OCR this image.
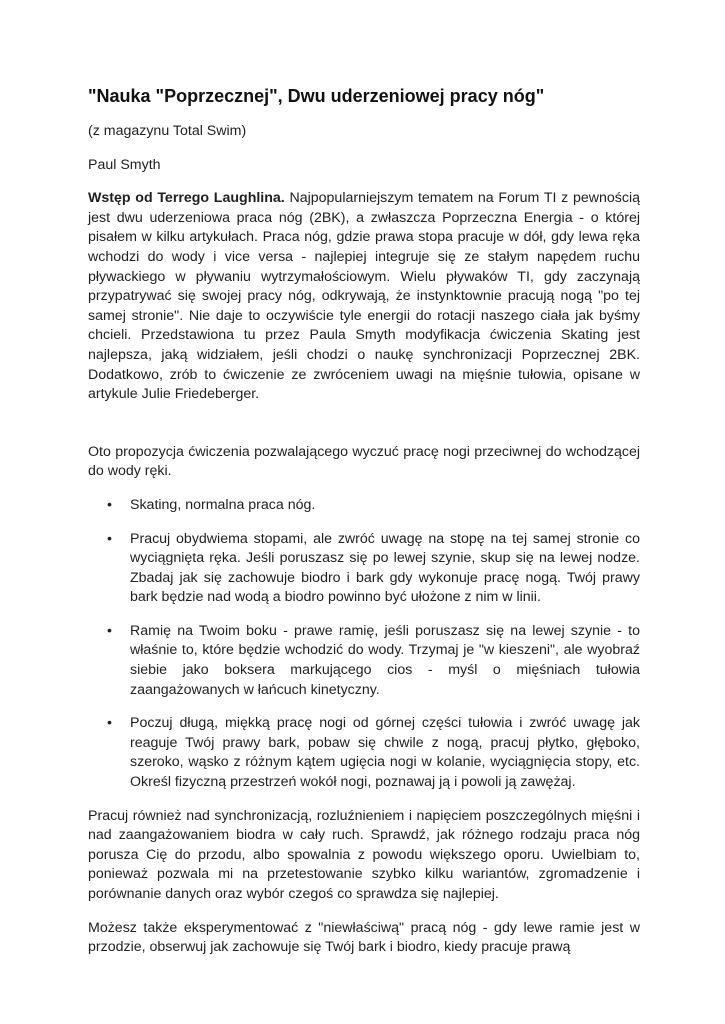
"Nauka "Poprzecznej", Dwu uderzeniowej pracy nóg"

(z magazynu Total Swim)

Paul Smyth

Wstęp od Terrego Laughlina. Najpopularniejszym tematem na Forum TI z pewnością jest dwu uderzeniowa praca nóg (2BK), a zwłaszcza Poprzeczna Energia - o której pisałem w kilku artykułach. Praca nóg, gdzie prawa stopa pracuje w dół, gdy lewa ręka wchodzi do wody i vice versa - najlepiej integruje się ze stałym napędem ruchu pływackiego w pływaniu wytrzymałościowym. Wielu pływaków TI, gdy zaczynają przypatrywać się swojej pracy nóg, odkrywają, że instynktownie pracują nogą "po tej samej stronie". Nie daje to oczywiście tyle energii do rotacji naszego ciała jak byśmy chcieli. Przedstawiona tu przez Paula Smyth modyfikacja ćwiczenia Skating jest najlepsza, jaką widziałem, jeśli chodzi o naukę synchronizacji Poprzecznej 2BK. Dodatkowo, zrób to ćwiczenie ze zwróceniem uwagi na mięśnie tułowia, opisane w artykule Julie Friedeberger.

Oto propozycja ćwiczenia pozwalającego wyczuć pracę nogi przeciwnej do wchodzącej do wody ręki.

• Skating, normalna praca nóg.
• Pracuj obydwiema stopami, ale zwróć uwagę na stopę na tej samej stronie co wyciągnięta ręka. Jeśli poruszasz się po lewej szynie, skup się na lewej nodze. Zbadaj jak się zachowuje biodro i bark gdy wykonuje pracę nogą. Twój prawy bark będzie nad wodą a biodro powinno być ułożone z nim w linii.
• Ramię na Twoim boku - prawe ramię, jeśli poruszasz się na lewej szynie - to właśnie to, które będzie wchodzić do wody. Trzymaj je "w kieszeni", ale wyobraź siebie jako boksera markującego cios - myśl o mięśniach tułowia zaangażowanych w łańcuch kinetyczny.
• Poczuj długą, miękką pracę nogi od górnej części tułowia i zwróć uwagę jak reaguje Twój prawy bark, pobaw się chwile z nogą, pracuj płytko, głęboko, szeroko, wąsko z różnym kątem ugięcia nogi w kolanie, wyciągnięcia stopy, etc. Określ fizyczną przestrzeń wokół nogi, poznawaj ją i powoli ją zawężaj.

Pracuj również nad synchronizacją, rozluźnieniem i napięciem poszczególnych mięśni i nad zaangażowaniem biodra w cały ruch. Sprawdź, jak różnego rodzaju praca nóg porusza Cię do przodu, albo spowalnia z powodu większego oporu. Uwielbiam to, ponieważ pozwala mi na przetestowanie szybko kilku wariantów, zgromadzenie i porównanie danych oraz wybór czegoś co sprawdza się najlepiej.

Możesz także eksperymentować z "niewłaściwą" pracą nóg - gdy lewe ramie jest w przodzie, obserwuj jak zachowuje się Twój bark i biodro, kiedy pracuje prawą
